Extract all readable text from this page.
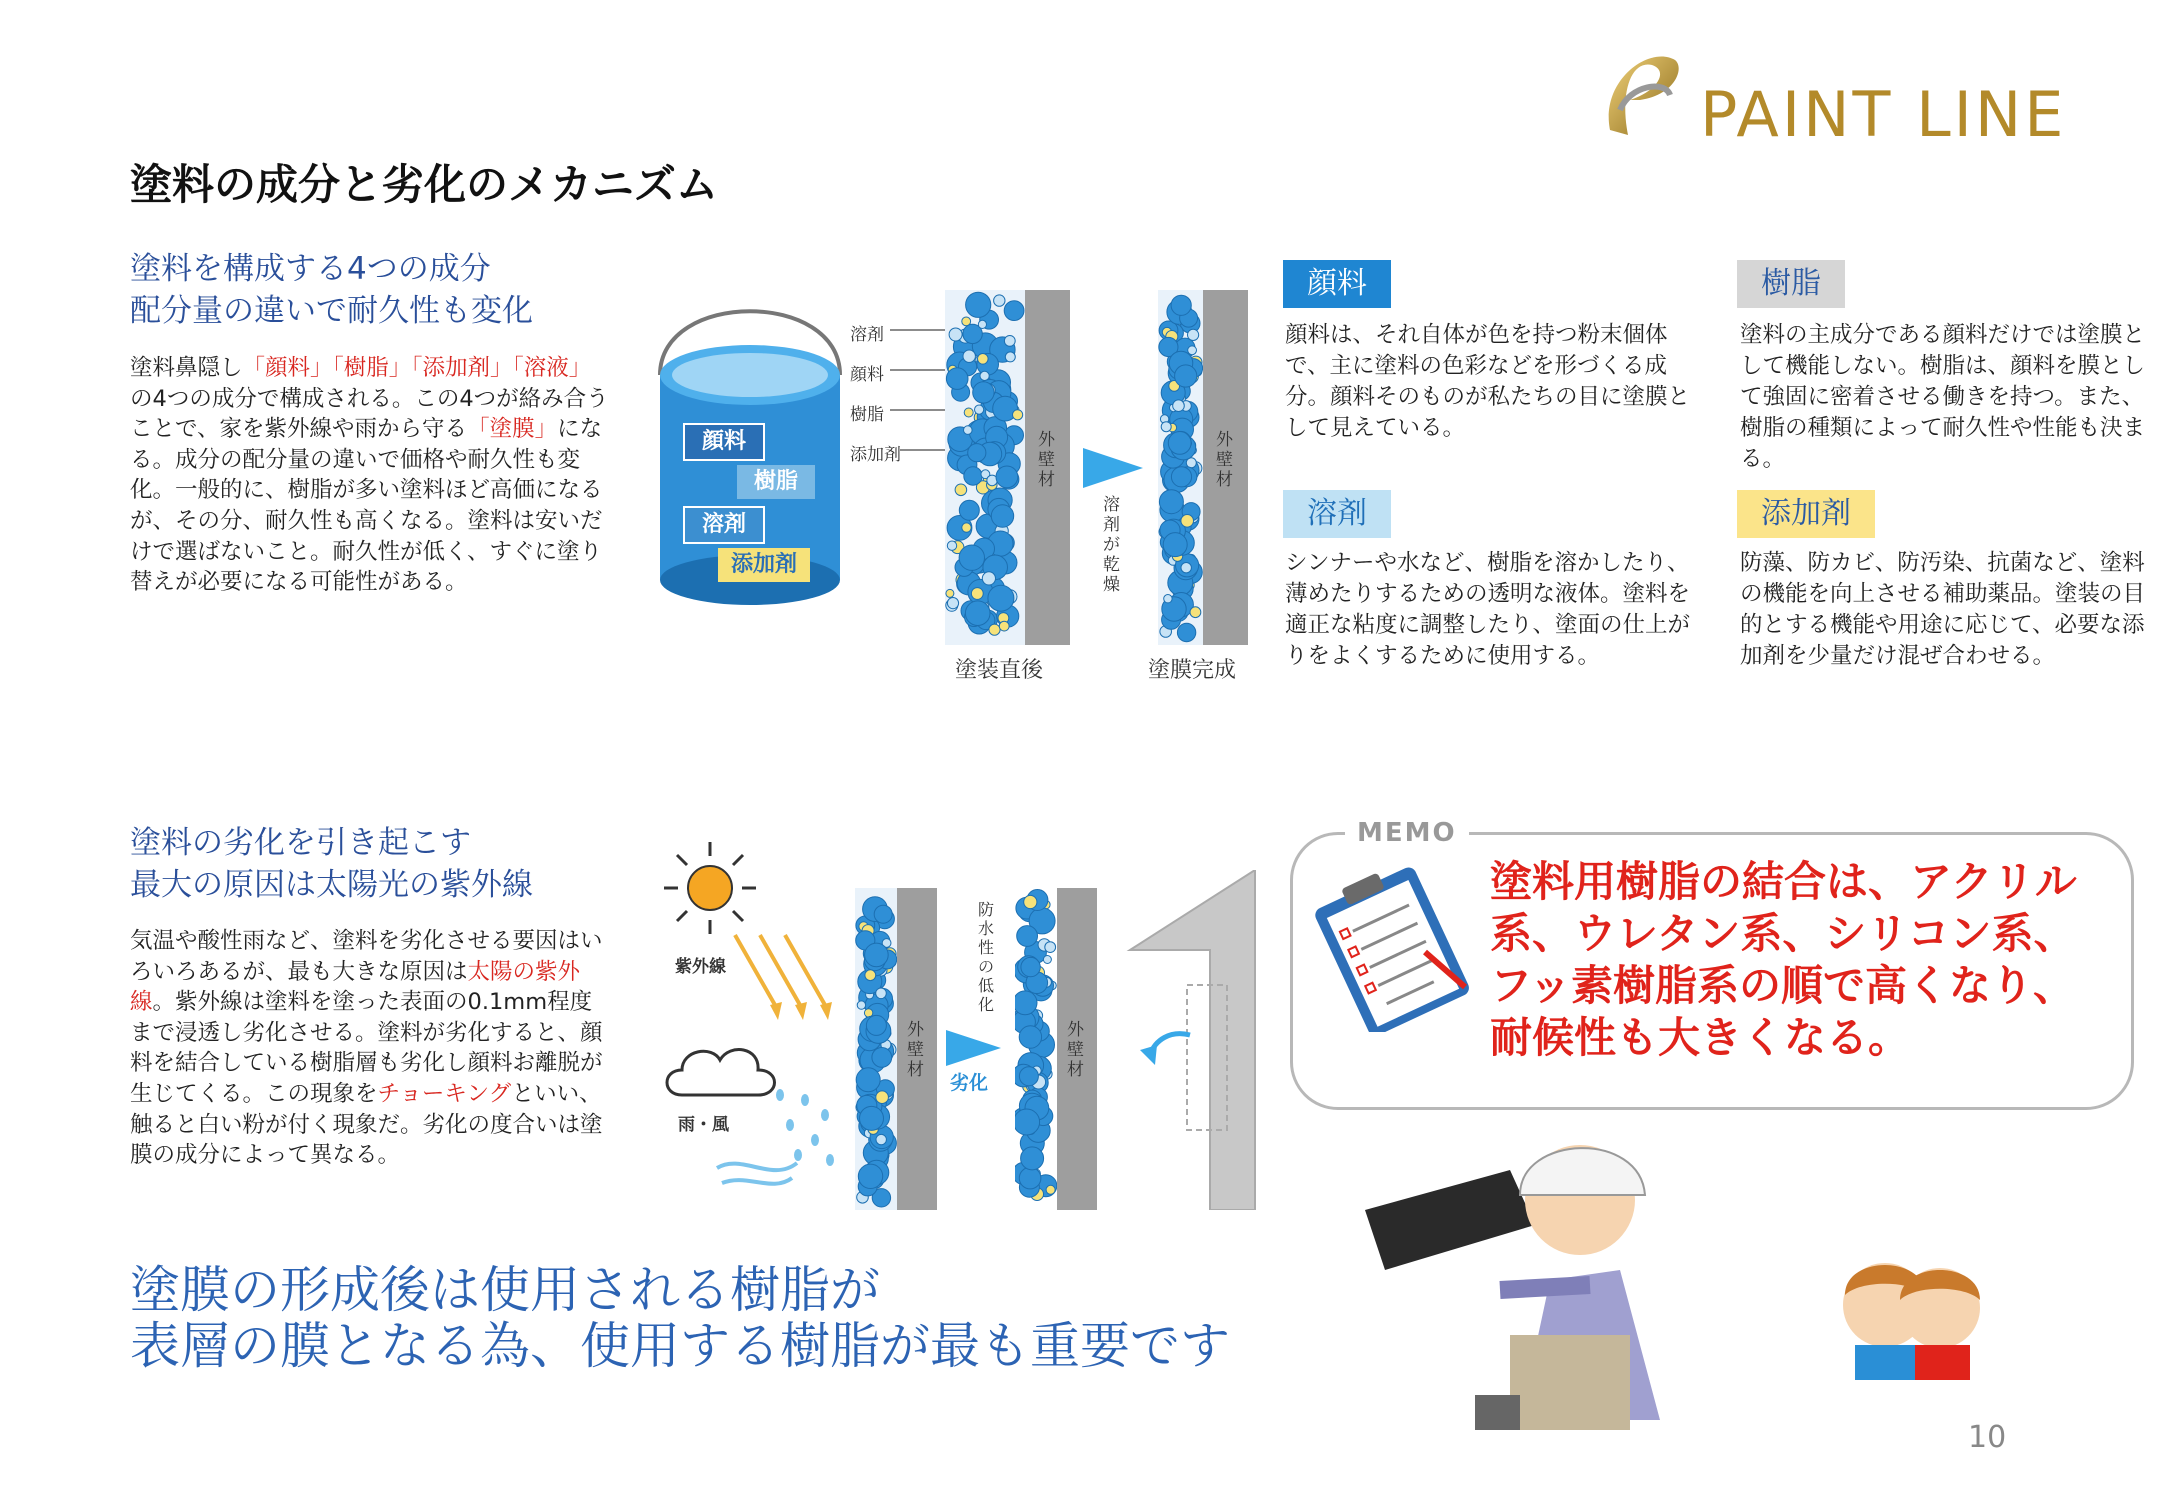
PAINT LINE
塗料の成分と劣化のメカニズム
塗料を構成する4つの成分
配分量の違いで耐久性も変化
塗料鼻隠し「顔料」「樹脂」「添加剤」「溶液」の4つの成分で構成される。この4つが絡み合うことで、家を紫外線や雨から守る「塗膜」になる。成分の配分量の違いで価格や耐久性も変化。一般的に、樹脂が多い塗料ほど高価になるが、その分、耐久性も高くなる。塗料は安いだけで選ばないこと。耐久性が低く、すぐに塗り替えが必要になる可能性がある。
顔料
樹脂
溶剤
添加剤
溶剤
顔料
樹脂
添加剤
外壁材
塗装直後
溶剤が乾燥
外壁材
塗膜完成
顔料
顔料は、それ自体が色を持つ粉末個体で、主に塗料の色彩などを形づくる成分。顔料そのものが私たちの目に塗膜として見えている。
樹脂
塗料の主成分である顔料だけでは塗膜として機能しない。樹脂は、顔料を膜として強固に密着させる働きを持つ。また、樹脂の種類によって耐久性や性能も決まる。
溶剤
シンナーや水など、樹脂を溶かしたり、薄めたりするための透明な液体。塗料を適正な粘度に調整したり、塗面の仕上がりをよくするために使用する。
添加剤
防藻、防カビ、防汚染、抗菌など、塗料の機能を向上させる補助薬品。塗装の目的とする機能や用途に応じて、必要な添加剤を少量だけ混ぜ合わせる。
塗料の劣化を引き起こす
最大の原因は太陽光の紫外線
気温や酸性雨など、塗料を劣化させる要因はいろいろあるが、最も大きな原因は太陽の紫外線。紫外線は塗料を塗った表面の0.1mm程度まで浸透し劣化させる。塗料が劣化すると、顔料を結合している樹脂層も劣化し顔料お離脱が生じてくる。この現象をチョーキングといい、触ると白い粉が付く現象だ。劣化の度合いは塗膜の成分によって異なる。
紫外線
雨・風
外壁材
劣化
外壁材
防水性の低化
MEMO
塗料用樹脂の結合は、アクリル系、ウレタン系、シリコン系、フッ素樹脂系の順で高くなり、耐候性も大きくなる。
塗膜の形成後は使用される樹脂が
表層の膜となる為、使用する樹脂が最も重要です
10
